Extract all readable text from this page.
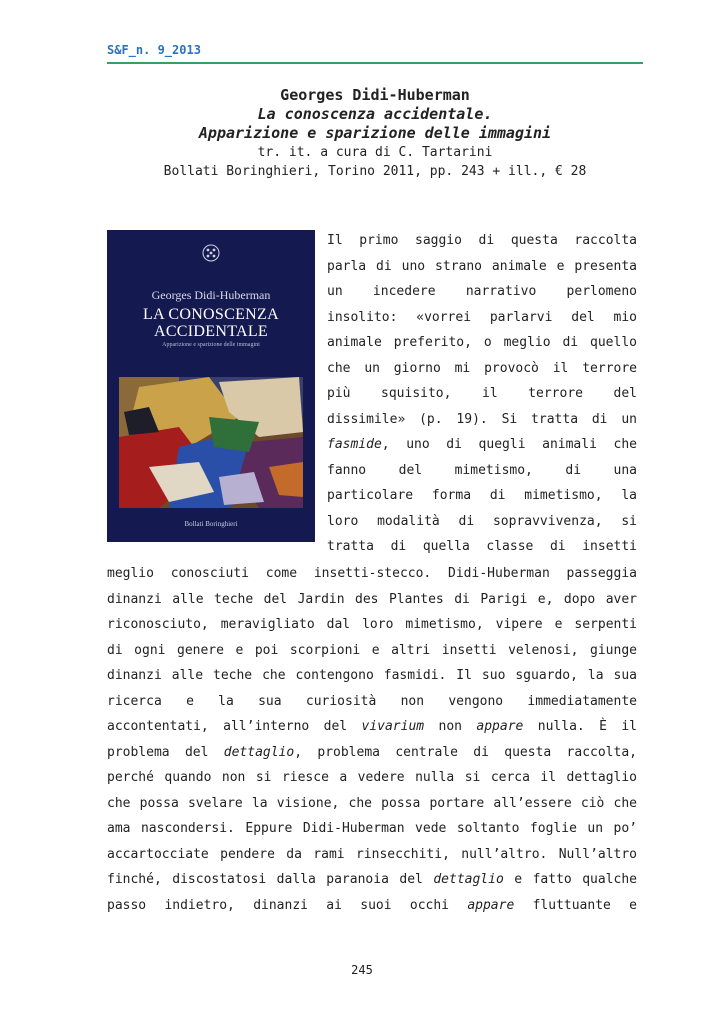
S&F_n. 9_2013
Georges Didi-Huberman
La conoscenza accidentale.
Apparizione e sparizione delle immagini
tr. it. a cura di C. Tartarini
Bollati Boringhieri, Torino 2011, pp. 243 + ill., € 28
Georges Didi-Huberman
LA CONOSCENZA
ACCIDENTALE
Apparizione e sparizione delle immagini
Bollati Boringhieri
Il primo saggio di questa raccolta
parla di uno strano animale e presenta
un incedere narrativo perlomeno
insolito: «vorrei parlarvi del mio
animale preferito, o meglio di quello
che un giorno mi provocò il terrore
più squisito, il terrore del
dissimile» (p. 19). Si tratta di un
fasmide, uno di quegli animali che
fanno del mimetismo, di una
particolare forma di mimetismo, la
loro modalità di sopravvivenza, si
tratta di quella classe di insetti
meglio conosciuti come insetti-stecco. Didi-Huberman passeggia
dinanzi alle teche del Jardin des Plantes di Parigi e, dopo aver
riconosciuto, meravigliato dal loro mimetismo, vipere e serpenti
di ogni genere e poi scorpioni e altri insetti velenosi, giunge
dinanzi alle teche che contengono fasmidi. Il suo sguardo, la sua
ricerca e la sua curiosità non vengono immediatamente
accontentati, all’interno del vivarium non appare nulla. È il
problema del dettaglio, problema centrale di questa raccolta,
perché quando non si riesce a vedere nulla si cerca il dettaglio
che possa svelare la visione, che possa portare all’essere ciò che
ama nascondersi. Eppure Didi-Huberman vede soltanto foglie un po’
accartocciate pendere da rami rinsecchiti, null’altro. Null’altro
finché, discostatosi dalla paranoia del dettaglio e fatto qualche
passo indietro, dinanzi ai suoi occhi appare fluttuante e
245
